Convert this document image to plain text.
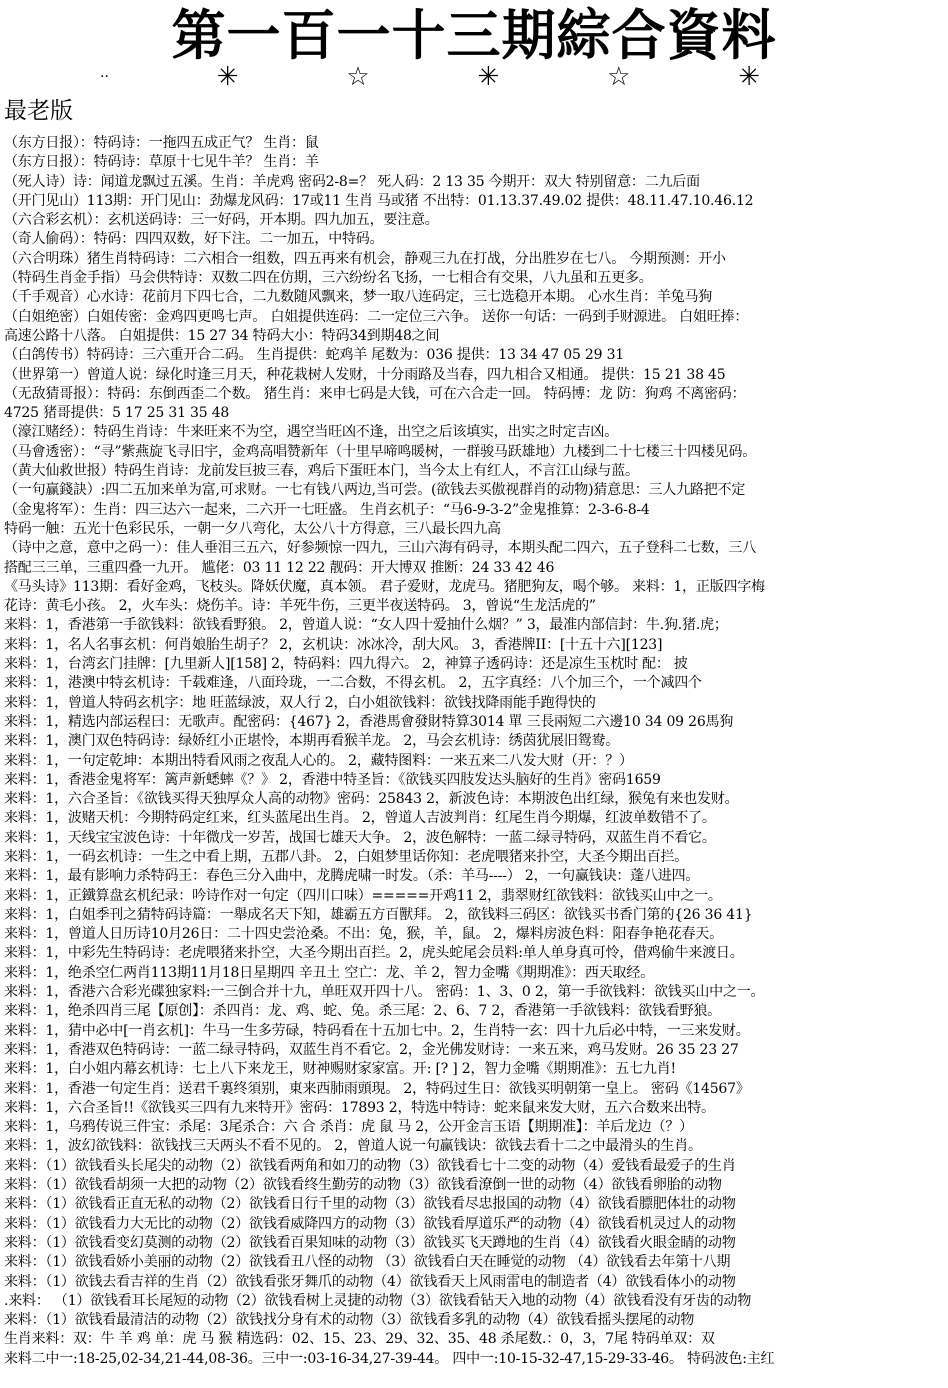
第一百一十三期綜合資料
··	✳	☆	✳	☆	✳
最老版
（东方日报）：特码诗：一拖四五成正气？ 生肖：鼠
（东方日报）：特码诗：草原十七见牛羊？ 生肖：羊
（死人诗）诗：闻道龙飘过五溪。生肖：羊虎鸡 密码2-8=？ 死人码：2 13 35 今期开：双大 特别留意：二九后面
（开门见山）113期：开门见山：劲爆龙风码：17或11 生肖 马或猪 不出特：01.13.37.49.02 提供：48.11.47.10.46.12
（六合彩玄机）：玄机送码诗：三一好码，开本期。四九加五，要注意。
（奇人偷码）：特码：四四双数，好下注。二一加五，中特码。
（六合明珠）猪生肖特码诗：二六相合一组数，四五再来有机会，静观三九在打战，分出胜岁在七八。 今期预测：开小
（特码生肖金手指）马会供特诗：双数二四在仿期，三六纷纷名飞扬，一七相合有交果，八九虽和五更多。
（千手观音）心水诗：花前月下四七合，二九数随风飘来，梦一取八连码定，三七选稳开本期。 心水生肖：羊兔马狗
（白姐绝密）白姐传密：金鸡四更鸣七声。 白姐提供连码：二一定位三六争。 送你一句话：一码到手财源进。 白姐旺捧：
高速公路十八落。 白姐提供：15 27 34 特码大小：特码34到期48之间
（白鸽传书）特码诗：三六重开合二码。 生肖提供：蛇鸡羊 尾数为：036 提供：13 34 47 05 29 31
（世界第一）曾道人说：绿化时逢三月天，种花栽树人发财，十分雨路及当春，四九相合又相通。 提供：15 21 38 45
（无敌猜哥报）：特码：东倒西歪二个数。 猪生肖：来申七码是大钱，可在六合走一回。 特码博：龙 防：狗鸡 不离密码：
4725 猪哥提供：5 17 25 31 35 48
（濠江赌经）：特码生肖诗：牛来旺来不为空，遇空当旺凶不逢，出空之后该填实，出实之时定吉凶。
（马會透密）：“寻”紫燕旋飞寻旧宇，金鸡高唱赞新年（十里早啼鸣暖树，一群骏马跃雄地）九楼到二十七楼三十四楼见码。
（黄大仙救世报）特码生肖诗：龙前发巨披三春，鸡后下蛋旺本门，当今太上有红人，不言江山绿与蓝。
（一句赢錢訣）:四二五加来单为富,可求财。一七有钱八两边,当可尝。(欲钱去买傲视群肖的动物)猜意思：三人九路把不定
（金鬼将军）：生肖：四三达六一起来，二六开一七旺盛。 生肖玄机子：“马6-9-3-2”金鬼推算：2-3-6-8-4
特码一触：五光十色彩民乐，一朝一夕八弯化，太公八十方得意，三八最长四九高
（诗中之意，意中之码一）：佳人垂泪三五六，好参频惊一四九，三山六海有码寻，本期头配二四六，五子登科二七数，三八
搭配三三单，三重四叠一九开。 尴佬：03 11 12 22 靓码：开大博双 推断：24 33 42 46
《马头诗》113期：看好金鸡，飞枝头。降妖伏魔，真本领。 君子爱财，龙虎马。猪肥狗友，喝个够。 来料：1，正版四字梅
花诗：黄毛小孩。 2，火车头：烧伤羊。诗：羊死牛伤，三更半夜送特码。 3，曾说“生龙活虎的”
来料：1，香港第一手欲钱料：欲钱看野狼。 2，曾道人说：“女人四十爱抽什么烟？” 3，最准内部信封：牛.狗.猪.虎；
来料：1，名人名事玄机：何肖娘胎生胡子？ 2，玄机诀：冰冰冷，刮大风。 3，香港牌II：[十五十六][123]
来料：1，台湾玄门挂牌：[九里新人][158] 2，特码料：四九得六。 2，神算子透码诗：还是凉生玉枕时 配： 披
来料：1，港澳中特玄机诗：千载难逢，八面玲珑，一二合数，不得玄机。 2，五字真经：八个加三个，一个减四个
来料：1，曾道人特码玄机字：地 旺蓝绿波，双人行 2，白小姐欲钱料：欲钱找降雨能手跑得快的
来料：1，精选内部运程曰：无歌声。配密码：{467} 2，香港馬會發財特算3014 單 三長兩短二六邊10 34 09 26馬狗
来料：1，澳门双色特码诗：绿娇红小正堪怜，本期再看猴羊龙。 2，马会玄机诗：绣茵犹展旧鸳鸯。
来料：1，一句定乾坤：本期出特看风雨之夜乱人心的。 2，藏特图料：一来五来二八发大财（开：？）
来料：1，香港金鬼将军：篱声新蟋蟀《？》 2，香港中特圣旨：《欲钱买四肢发达头脑好的生肖》密码1659
来料：1，六合圣旨：《欲钱买得天独厚众人高的动物》密码：25843 2，新波色诗：本期波色出红绿，猴兔有来也发财。
来料：1，波赌天机：今期特码定红来，红头蓝尾出生肖。 2，曾道人吉波判肖：红尾生肖今期爆，红波单数错不了。
来料：1，天线宝宝波色诗：十年微戊一岁苦，战国七雄天大争。 2，波色解特：一蓝二绿寻特码，双蓝生肖不看它。
来料：1，一码玄机诗：一生之中看上期，五郡八卦。 2，白姐梦里话你知：老虎喂猪来扑空，大圣今期出百拦。
来料：1，最有影响力杀特码王：春色三分入曲中，龙腾虎啸一时发。（杀：羊马----） 2，一句赢钱诀：蓬八进四。
来料：1，正鐵算盘玄机纪录：吟诗作对一句定（四川口味）=====开鸡11 2，翡翠财红欲钱料：欲钱买山中之一。
来料：1，白姐季刊之猜特码诗篇：一舉成名天下知，雄霸五方百獸拜。 2，欲钱料三码区：欲钱买书香门第的{26 36 41}
来料：1，曾道人日历诗10月26日：二十四史尝沧桑。不出：兔，猴，羊，鼠。 2，爆料房波色料：阳春争艳花春天。
来料：1，中彩先生特码诗：老虎喂猪来扑空，大圣今期出百拦。2，虎头蛇尾会员料:单人单身真可怜，借鸡偷牛来渡日。
来料：1，绝杀空仁两肖113期11月18日星期四 辛丑土 空亡：龙、羊 2，智力金嘴《期期准》：西天取经。
来料：1，香港六合彩光碟独家料:一三倒合并十九，单旺双开四十八。 密码：1、3、0 2，第一手欲钱料：欲钱买山中之一。
来料：1，绝杀四肖三尾【原创】：杀四肖：龙、鸡、蛇、兔。杀三尾：2、6、7 2，香港第一手欲钱料：欲钱看野狼。
来料：1，猜中必中[一肖玄机]：牛马一生多劳碌，特码看在十五加七中。2，生肖特一玄：四十九后必中特，一三来发财。
来料：1，香港双色特码诗：一蓝二绿寻特码，双蓝生肖不看它。2，金光佛发财诗：一来五来，鸡马发财。26 35 23 27
来料：1，白小姐内幕玄机诗：七上八下来龙王，财神赐财家家富。开: [? ] 2，智力金嘴《期期准》：五七九肖!
来料：1，香港一句定生肖：送君千裏终須别，東来西肺雨頭現。 2，特码过生日：欲钱买明朝第一皇上。 密码《14567》
来料：1，六合圣旨!!《欲钱买三四有九来特开》密码：17893 2，特选中特诗：蛇来鼠来发大财，五六合数来出特。
来料：1，乌鸦传说三件宝：杀尾：3尾杀合：六 合 杀肖：虎 鼠 马 2，公开金言玉语【期期准】：羊后龙边（？）
来料：1，波幻欲钱料：欲钱找三天两头不看不见的。 2，曾道人说一句赢钱诀：欲钱去看十二之中最滑头的生肖。
来料：（1）欲钱看头长尾尖的动物（2）欲钱看两角和如刀的动物（3）欲钱看七十二变的动物（4）爱钱看最爱子的生肖
来料：（1）欲钱看胡须一大把的动物（2）欲钱看终生勤劳的动物（3）欲钱看潦倒一世的动物（4）欲钱看卵胎的动物
来料：（1）欲钱看正直无私的动物（2）欲钱看日行千里的动物（3）欲钱看尽忠报国的动物（4）欲钱看膘肥体壮的动物
来料：（1）欲钱看力大无比的动物（2）欲钱看威降四方的动物（3）欲钱看厚道乐严的动物（4）欲钱看机灵过人的动物
来料：（1）欲钱看变幻莫测的动物（2）欲钱看百果知味的动物（3）欲钱买飞天蹲地的生肖（4）欲钱看火眼金睛的动物
来料：（1）欲钱看娇小美丽的动物（2）欲钱看丑八怪的动物 （3）欲钱看白天在睡觉的动物 （4）欲钱看去年第十八期
来料：（1）欲钱去看吉祥的生肖（2）欲钱看张牙舞爪的动物（4）欲钱看天上风雨雷电的制造者（4）欲钱看体小的动物
.来料： （1）欲钱看耳长尾短的动物（2）欲钱看树上灵捷的动物（3）欲钱看钻天入地的动物（4）欲钱看没有牙齿的动物
来料：（1）欲钱看最清洁的动物（2）欲钱找分身有术的动物（3）欲钱看多乳的动物（4）欲钱看摇头摆尾的动物
生肖来料：双：牛 羊 鸡 单：虎 马 猴 精选码：02、15、23、29、32、35、48 杀尾数.：0，3，7尾 特码单双：双
来料二中一:18-25,02-34,21-44,08-36。三中一:03-16-34,27-39-44。 四中一:10-15-32-47,15-29-33-46。 特码波色:主红
